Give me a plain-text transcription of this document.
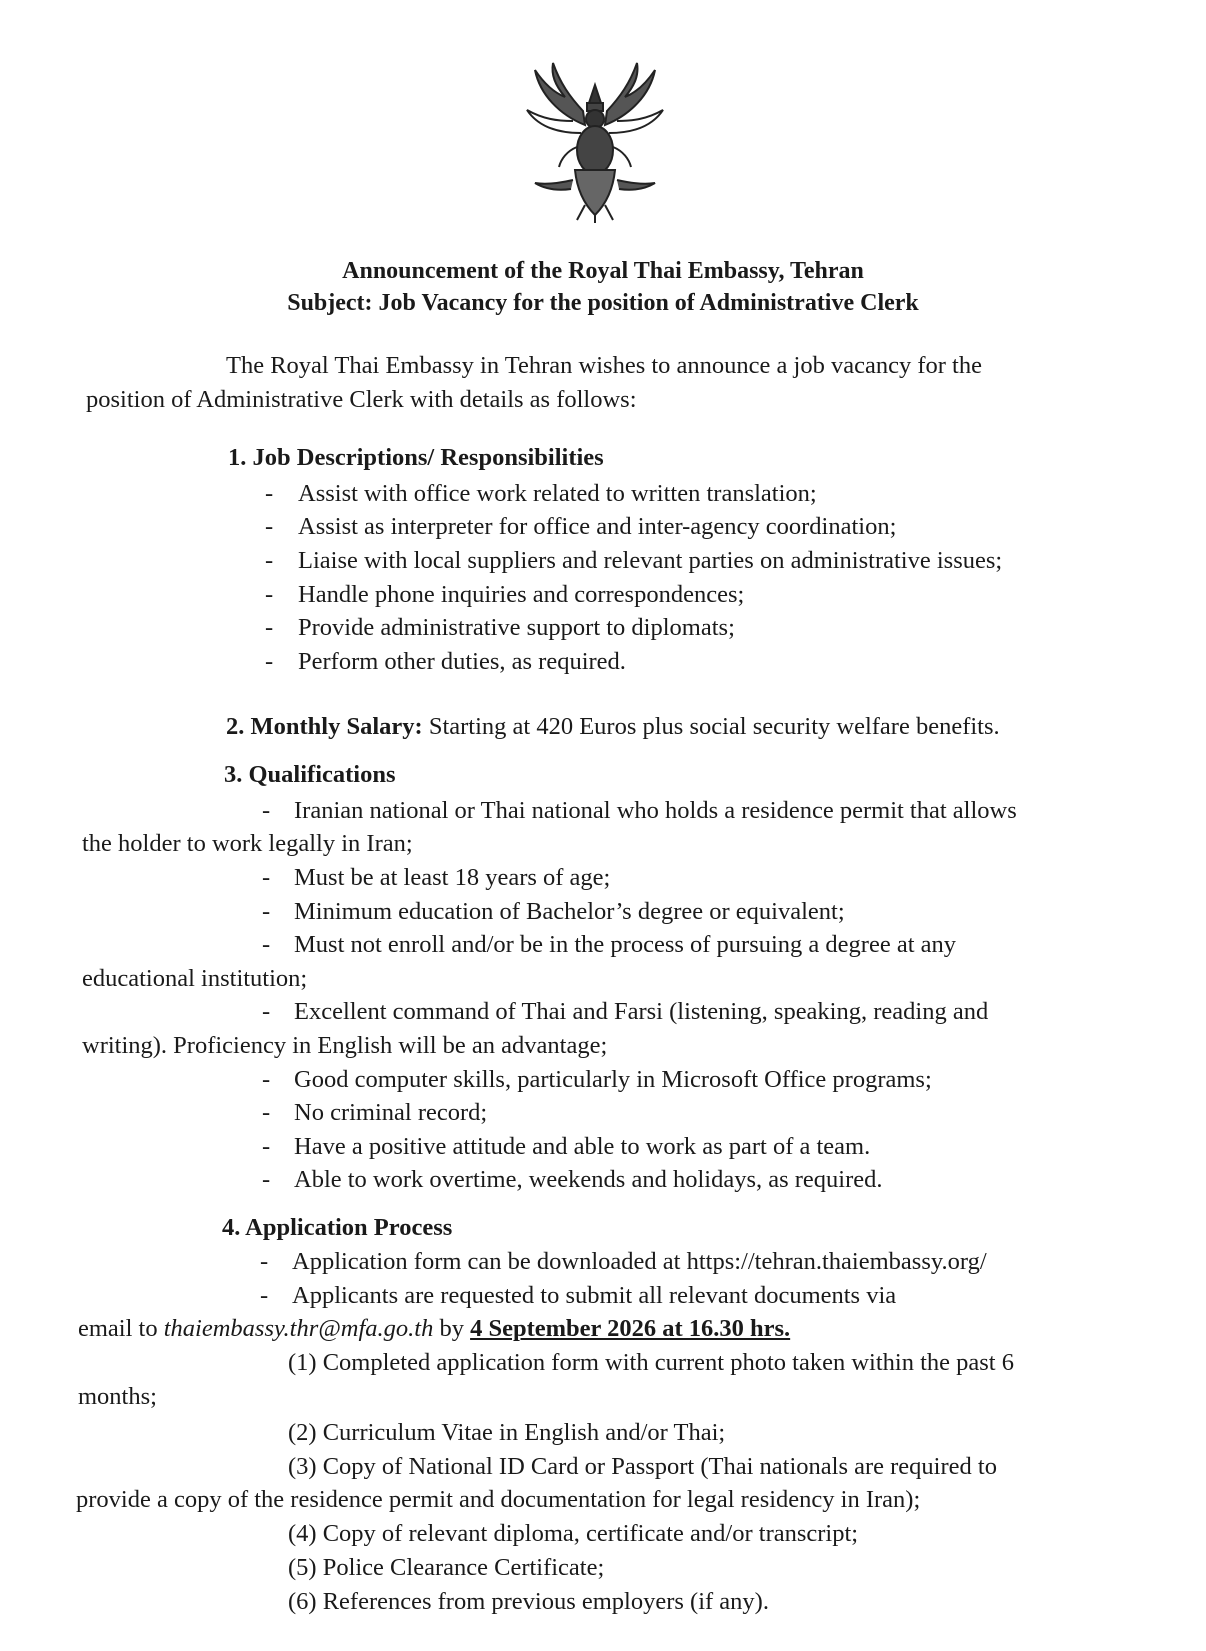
Announcement of the Royal Thai Embassy, Tehran
Subject: Job Vacancy for the position of Administrative Clerk
The Royal Thai Embassy in Tehran wishes to announce a job vacancy for the
position of Administrative Clerk with details as follows:
1. Job Descriptions/ Responsibilities
- Assist with office work related to written translation;
- Assist as interpreter for office and inter-agency coordination;
- Liaise with local suppliers and relevant parties on administrative issues;
- Handle phone inquiries and correspondences;
- Provide administrative support to diplomats;
- Perform other duties, as required.
2. Monthly Salary: Starting at 420 Euros plus social security welfare benefits.
3. Qualifications
- Iranian national or Thai national who holds a residence permit that allows
the holder to work legally in Iran;
- Must be at least 18 years of age;
- Minimum education of Bachelor’s degree or equivalent;
- Must not enroll and/or be in the process of pursuing a degree at any
educational institution;
- Excellent command of Thai and Farsi (listening, speaking, reading and
writing). Proficiency in English will be an advantage;
- Good computer skills, particularly in Microsoft Office programs;
- No criminal record;
- Have a positive attitude and able to work as part of a team.
- Able to work overtime, weekends and holidays, as required.
4. Application Process
- Application form can be downloaded at https://tehran.thaiembassy.org/
- Applicants are requested to submit all relevant documents via
email to thaiembassy.thr@mfa.go.th by 4 September 2026 at 16.30 hrs.
(1) Completed application form with current photo taken within the past 6
months;
(2) Curriculum Vitae in English and/or Thai;
(3) Copy of National ID Card or Passport (Thai nationals are required to
provide a copy of the residence permit and documentation for legal residency in Iran);
(4) Copy of relevant diploma, certificate and/or transcript;
(5) Police Clearance Certificate;
(6) References from previous employers (if any).
